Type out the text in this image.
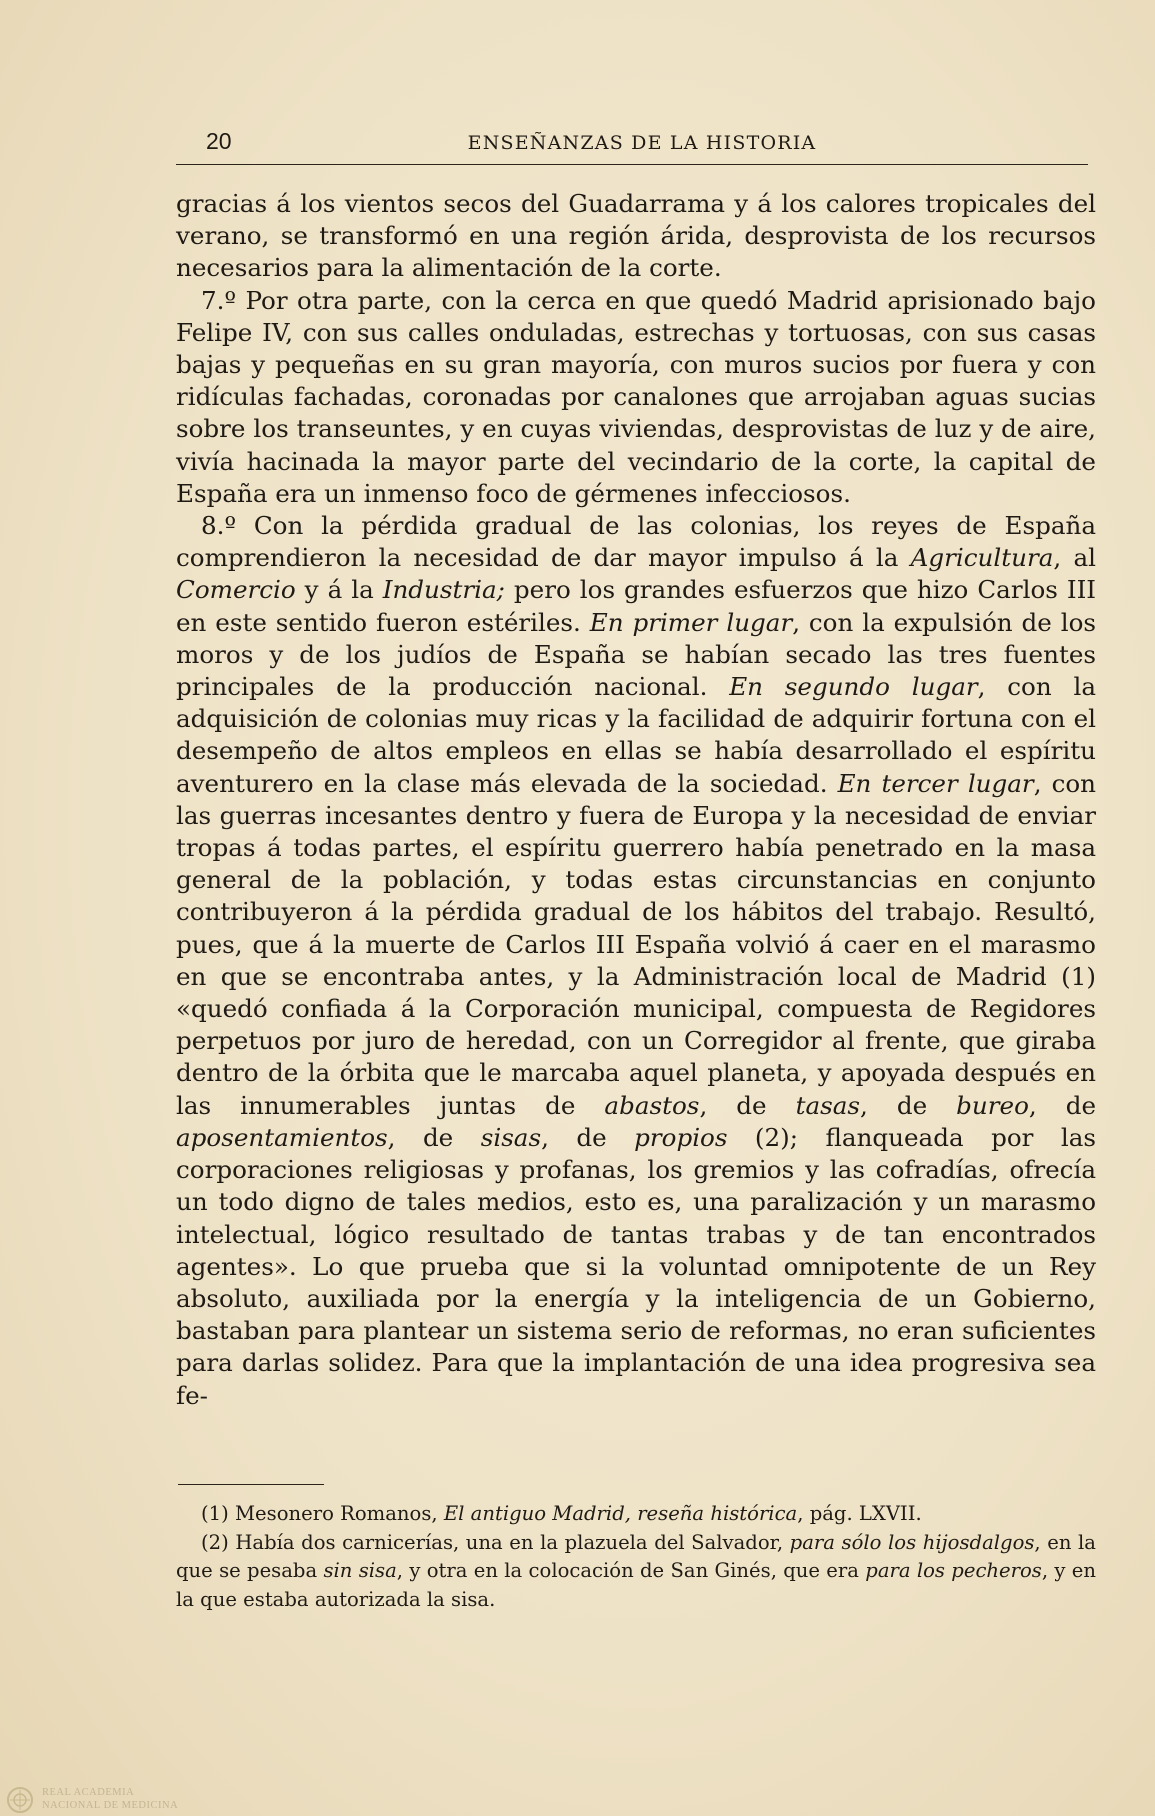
20	ENSEÑANZAS DE LA HISTORIA

gracias á los vientos secos del Guadarrama y á los calores tropicales del verano, se transformó en una región árida, desprovista de los recursos necesarios para la alimentación de la corte.

7.º Por otra parte, con la cerca en que quedó Madrid aprisionado bajo Felipe IV, con sus calles onduladas, estrechas y tortuosas, con sus casas bajas y pequeñas en su gran mayoría, con muros sucios por fuera y con ridículas fachadas, coronadas por canalones que arrojaban aguas sucias sobre los transeuntes, y en cuyas viviendas, desprovistas de luz y de aire, vivía hacinada la mayor parte del vecindario de la corte, la capital de España era un inmenso foco de gérmenes infecciosos.

8.º Con la pérdida gradual de las colonias, los reyes de España comprendieron la necesidad de dar mayor impulso á la Agricultura, al Comercio y á la Industria; pero los grandes esfuerzos que hizo Carlos III en este sentido fueron estériles. En primer lugar, con la expulsión de los moros y de los judíos de España se habían secado las tres fuentes principales de la producción nacional. En segundo lugar, con la adquisición de colonias muy ricas y la facilidad de adquirir fortuna con el desempeño de altos empleos en ellas se había desarrollado el espíritu aventurero en la clase más elevada de la sociedad. En tercer lugar, con las guerras incesantes dentro y fuera de Europa y la necesidad de enviar tropas á todas partes, el espíritu guerrero había penetrado en la masa general de la población, y todas estas circunstancias en conjunto contribuyeron á la pérdida gradual de los hábitos del trabajo. Resultó, pues, que á la muerte de Carlos III España volvió á caer en el marasmo en que se encontraba antes, y la Administración local de Madrid (1) «quedó confiada á la Corporación municipal, compuesta de Regidores perpetuos por juro de heredad, con un Corregidor al frente, que giraba dentro de la órbita que le marcaba aquel planeta, y apoyada después en las innumerables juntas de abastos, de tasas, de bureo, de aposentamientos, de sisas, de propios (2); flanqueada por las corporaciones religiosas y profanas, los gremios y las cofradías, ofrecía un todo digno de tales medios, esto es, una paralización y un marasmo intelectual, lógico resultado de tantas trabas y de tan encontrados agentes». Lo que prueba que si la voluntad omnipotente de un Rey absoluto, auxiliada por la energía y la inteligencia de un Gobierno, bastaban para plantear un sistema serio de reformas, no eran suficientes para darlas solidez. Para que la implantación de una idea progresiva sea fe-

(1) Mesonero Romanos, El antiguo Madrid, reseña histórica, pág. LXVII.

(2) Había dos carnicerías, una en la plazuela del Salvador, para sólo los hijosdalgos, en la que se pesaba sin sisa, y otra en la colocación de San Ginés, que era para los pecheros, y en la que estaba autorizada la sisa.

REAL ACADEMIA
NACIONAL DE MEDICINA
